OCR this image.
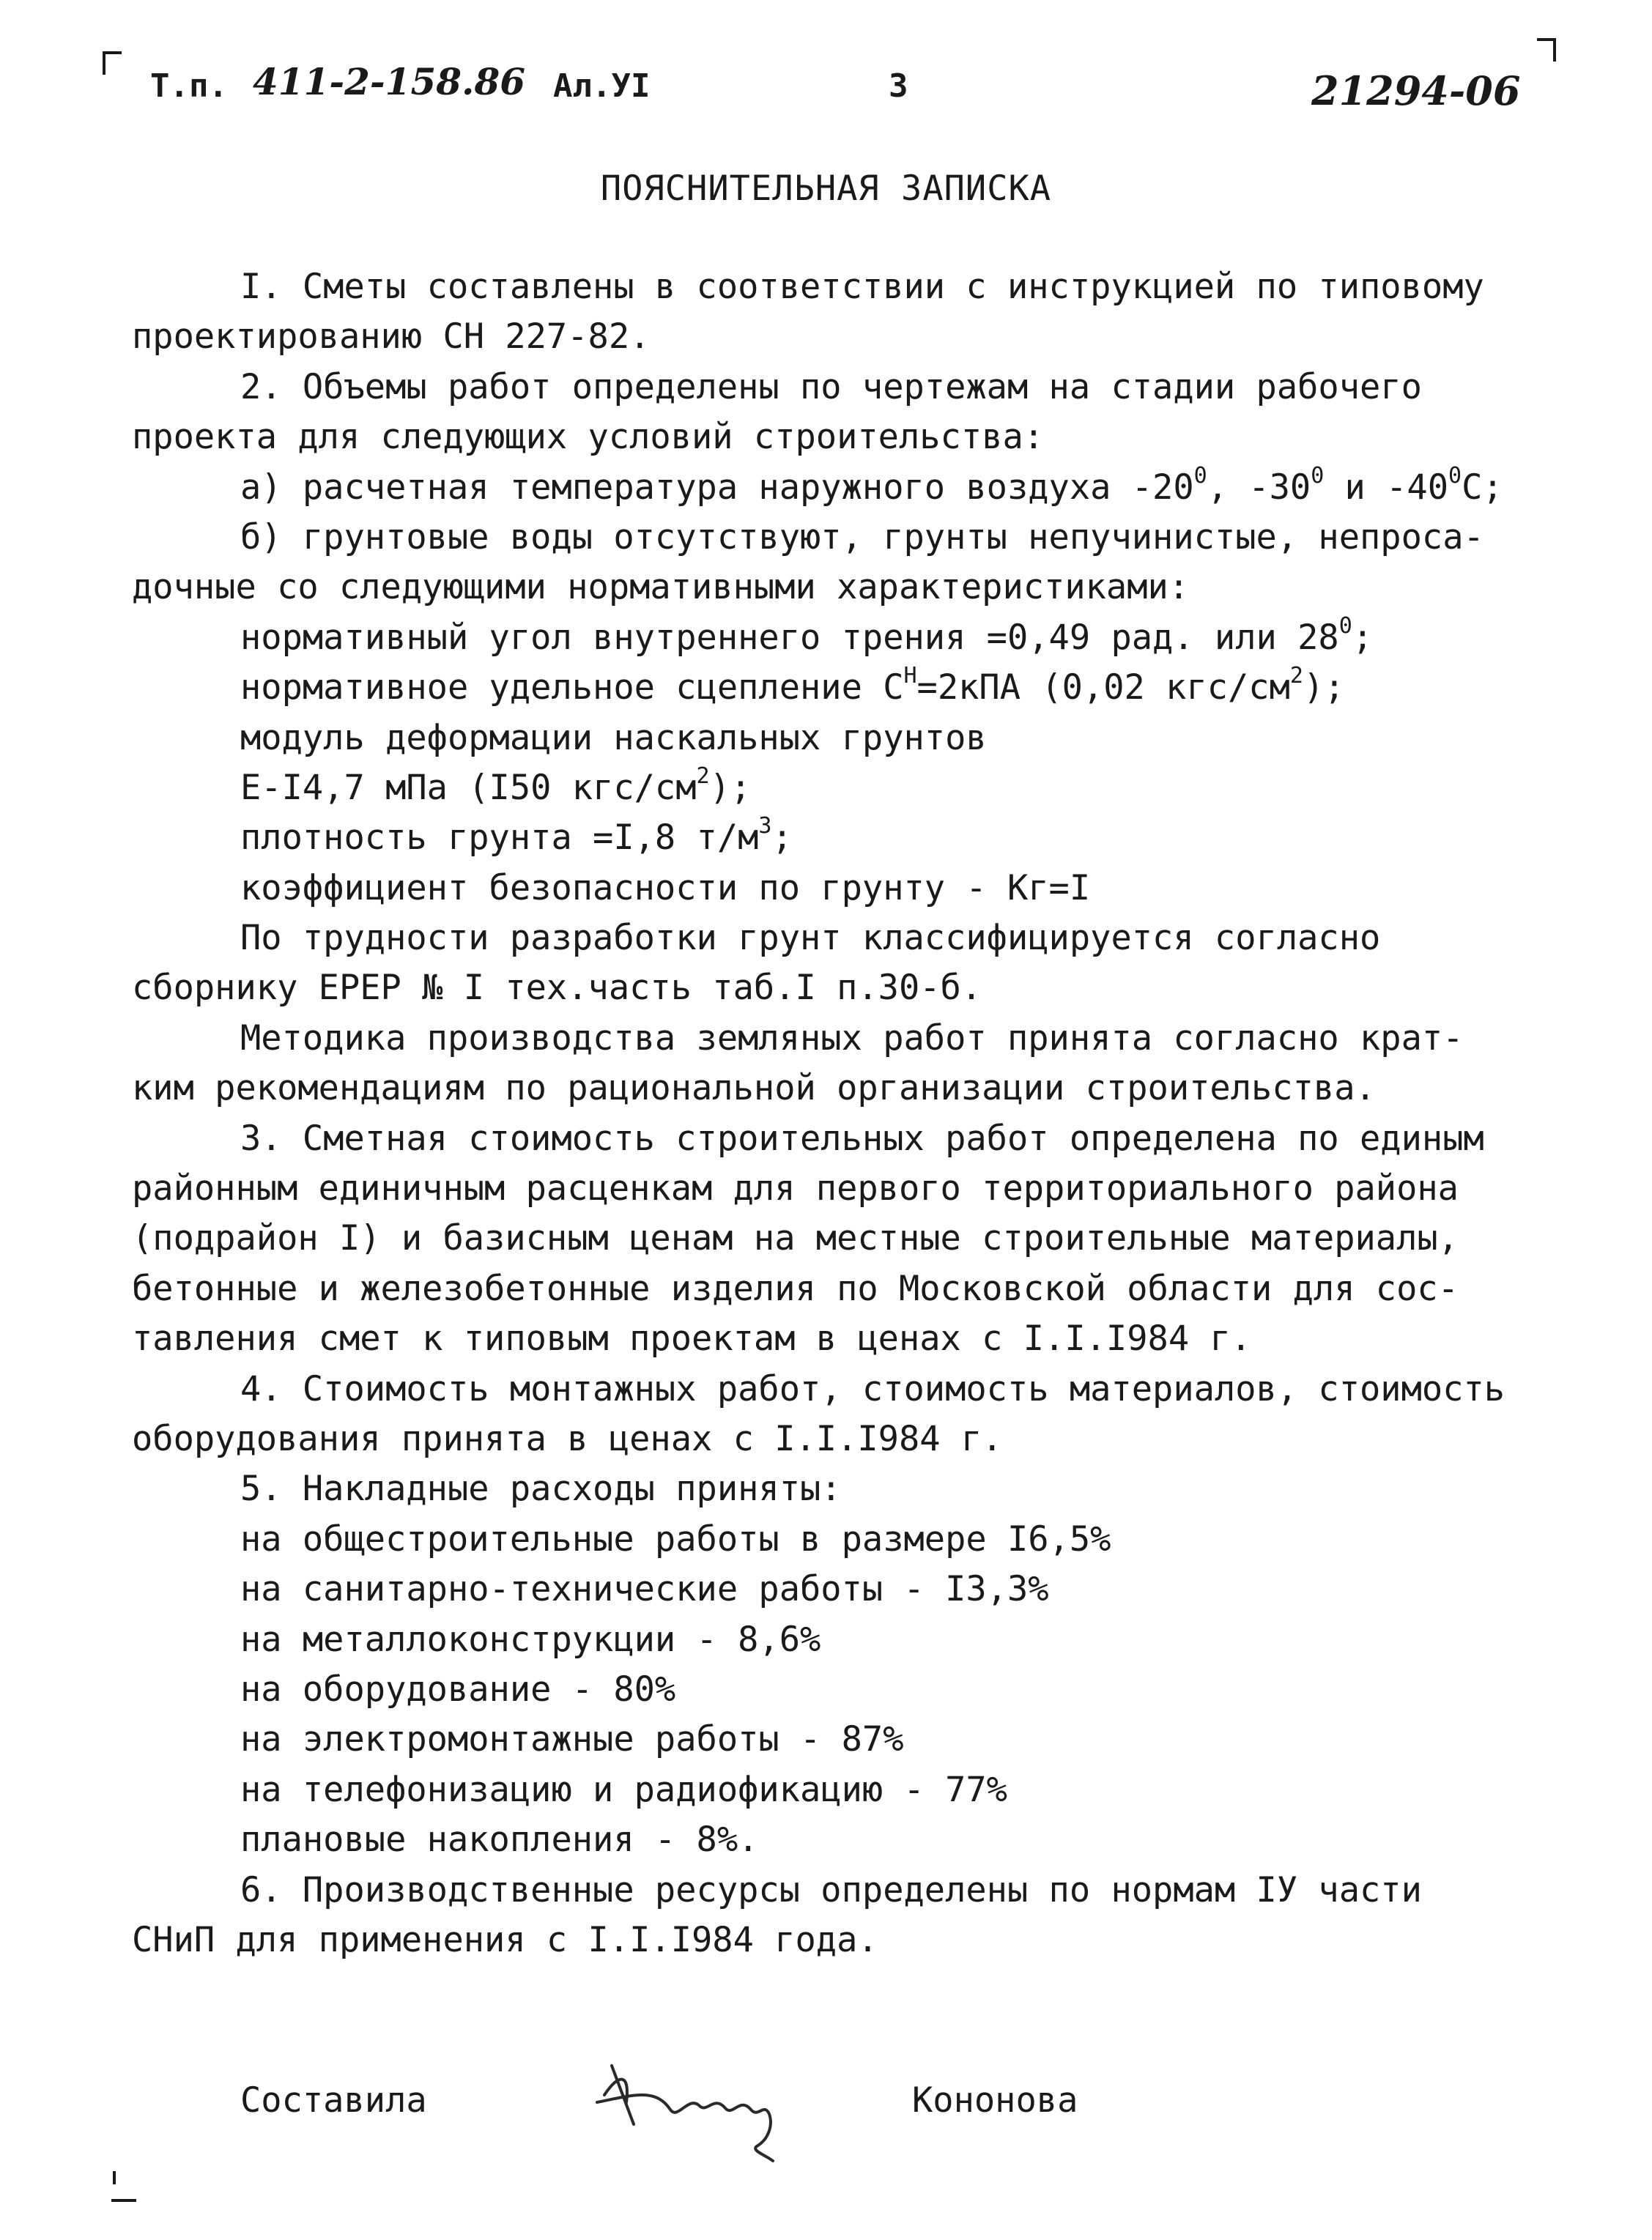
Т.п. 411-2-158.86 Ал.УI	3	21294-06
ПОЯСНИТЕЛЬНАЯ ЗАПИСКА
I. Сметы составлены в соответствии с инструкцией по типовому
проектированию СН 227-82.
2. Объемы работ определены по чертежам на стадии рабочего
проекта для следующих условий строительства:
а) расчетная температура наружного воздуха $-20^0$, $-30^0$ и $-40^0С$;
б) грунтовые воды отсутствуют, грунты непучинистые, непроса-
дочные со следующими нормативными характеристиками:
нормативный угол внутреннего трения =0,49 рад. или $28^0$;
нормативное удельное сцепление $С^Н=2кПА$ (0,02 кгс/$см^2$);
модуль деформации наскальных грунтов
Е-I4,7 мПа (I50 кгс/$см^2$);
плотность грунта =I,8 $т/м^3$;
коэффициент безопасности по грунту - Кг=I
По трудности разработки грунт классифицируется согласно
сборнику ЕРЕР № I тех.часть таб.I п.30-б.
Методика производства земляных работ принята согласно крат-
ким рекомендациям по рациональной организации строительства.
3. Сметная стоимость строительных работ определена по единым
районным единичным расценкам для первого территориального района
(подрайон I) и базисным ценам на местные строительные материалы,
бетонные и железобетонные изделия по Московской области для сос-
тавления смет к типовым проектам в ценах с I.I.I984 г.
4. Стоимость монтажных работ, стоимость материалов, стоимость
оборудования принята в ценах с I.I.I984 г.
5. Накладные расходы приняты:
на общестроительные работы в размере I6,5%
на санитарно-технические работы - I3,3%
на металлоконструкции - 8,6%
на оборудование - 80%
на электромонтажные работы - 87%
на телефонизацию и радиофикацию - 77%
плановые накопления - 8%.
6. Производственные ресурсы определены по нормам IУ части
СНиП для применения с I.I.I984 года.
Составила	Кононова
